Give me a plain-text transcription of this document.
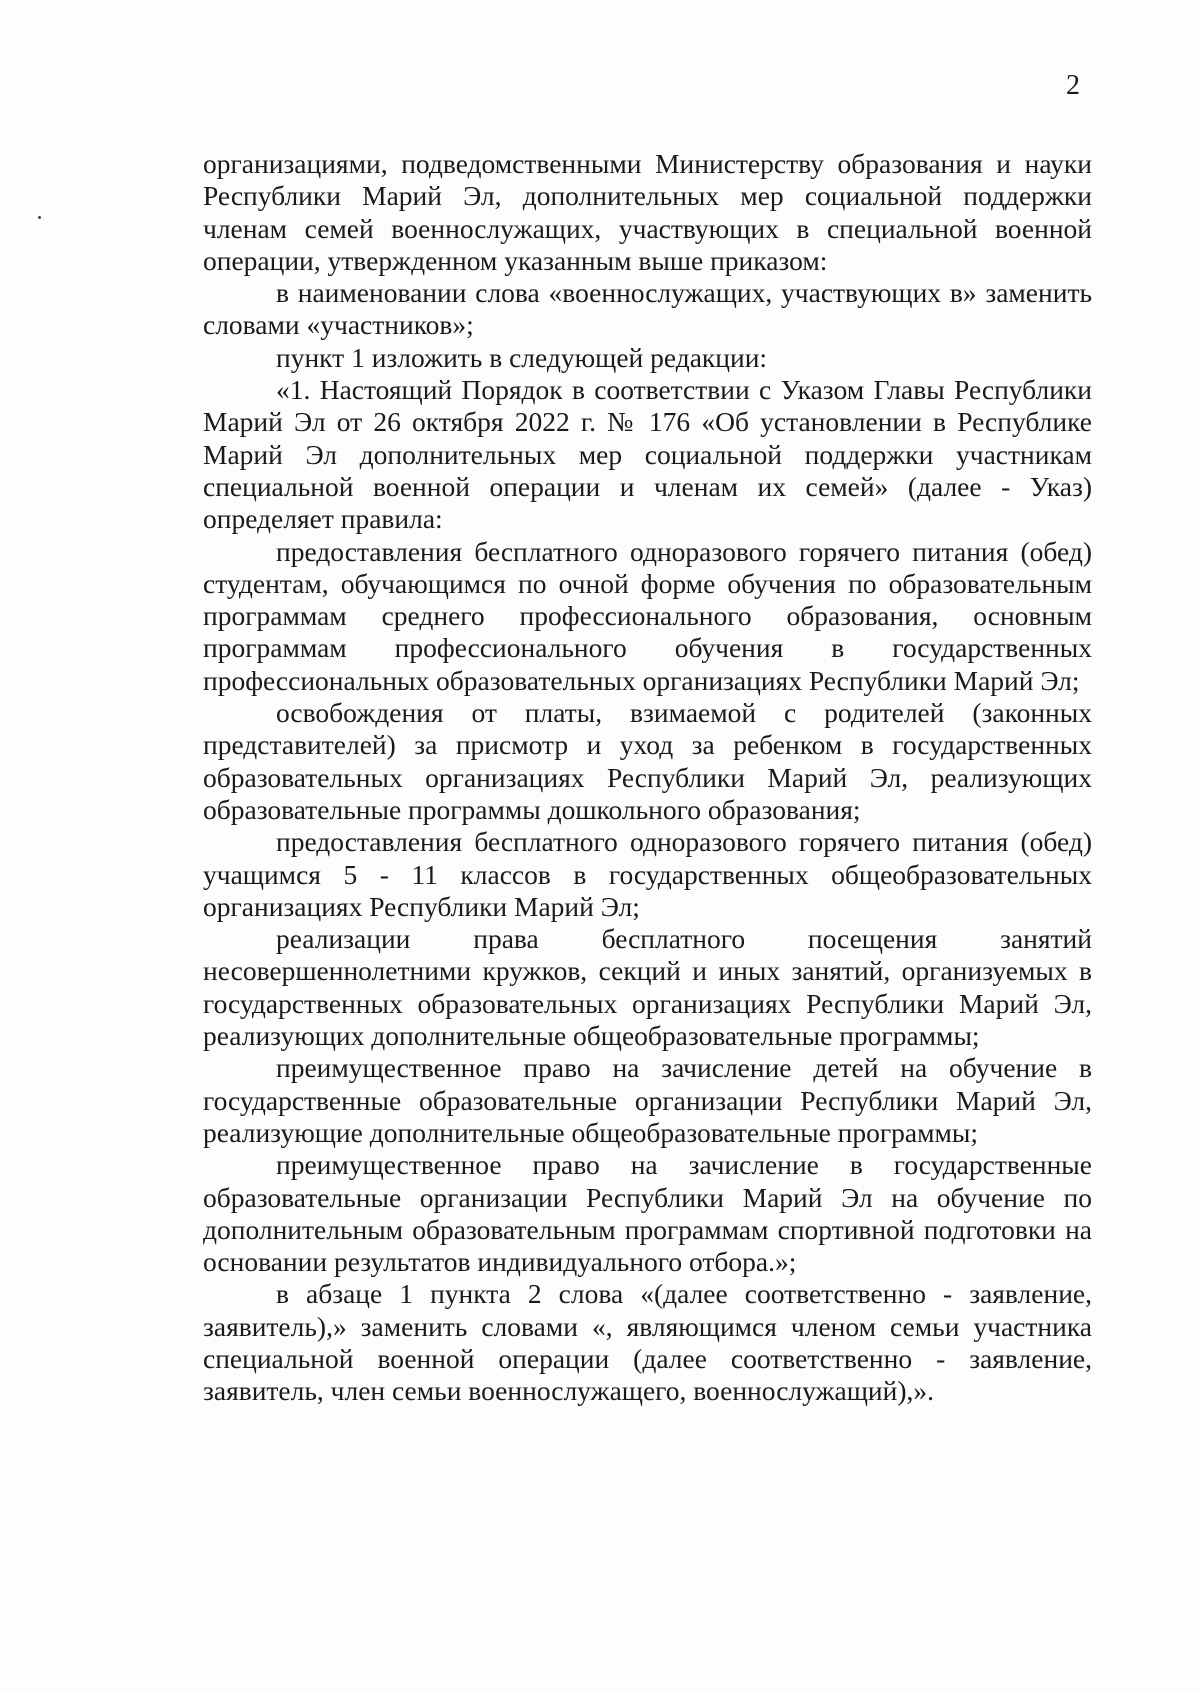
2

организациями, подведомственными Министерству образования и науки Республики Марий Эл, дополнительных мер социальной поддержки членам семей военнослужащих, участвующих в специальной военной операции, утвержденном указанным выше приказом:

в наименовании слова «военнослужащих, участвующих в» заменить словами «участников»;

пункт 1 изложить в следующей редакции:

«1. Настоящий Порядок в соответствии с Указом Главы Республики Марий Эл от 26 октября 2022 г. № 176 «Об установлении в Республике Марий Эл дополнительных мер социальной поддержки участникам специальной военной операции и членам их семей» (далее - Указ) определяет правила:

предоставления бесплатного одноразового горячего питания (обед) студентам, обучающимся по очной форме обучения по образовательным программам среднего профессионального образования, основным программам профессионального обучения в государственных профессиональных образовательных организациях Республики Марий Эл;

освобождения от платы, взимаемой с родителей (законных представителей) за присмотр и уход за ребенком в государственных образовательных организациях Республики Марий Эл, реализующих образовательные программы дошкольного образования;

предоставления бесплатного одноразового горячего питания (обед) учащимся 5 - 11 классов в государственных общеобразовательных организациях Республики Марий Эл;

реализации права бесплатного посещения занятий несовершеннолетними кружков, секций и иных занятий, организуемых в государственных образовательных организациях Республики Марий Эл, реализующих дополнительные общеобразовательные программы;

преимущественное право на зачисление детей на обучение в государственные образовательные организации Республики Марий Эл, реализующие дополнительные общеобразовательные программы;

преимущественное право на зачисление в государственные образовательные организации Республики Марий Эл на обучение по дополнительным образовательным программам спортивной подготовки на основании результатов индивидуального отбора.»;

в абзаце 1 пункта 2 слова «(далее соответственно - заявление, заявитель),» заменить словами «, являющимся членом семьи участника специальной военной операции (далее соответственно - заявление, заявитель, член семьи военнослужащего, военнослужащий),».
